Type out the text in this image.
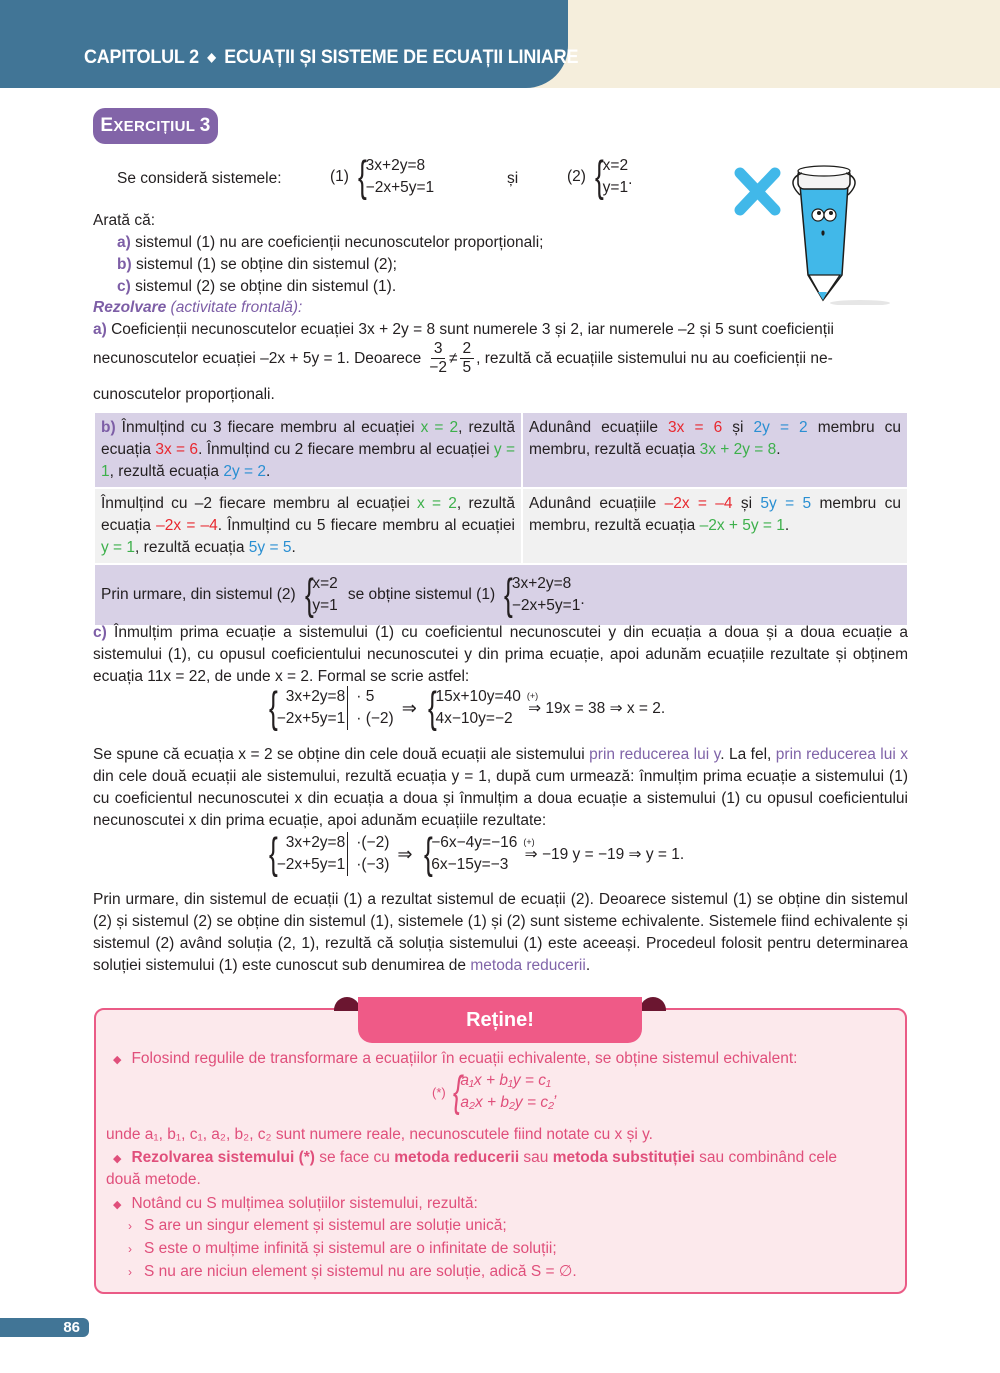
CAPITOLUL 2 ◆ ECUAȚII ȘI SISTEME DE ECUAȚII LINIARE
E XERCIȚIUL
3
Se consideră sistemele:	(1) {
3x+2y=8
−2x+5y=1
și	(2) {
x=2
y=1 .
Arată că:
a) sistemul (1) nu are coeficienții necunoscutelor proporționali;
b) sistemul (1) se obține din sistemul (2);
c) sistemul (2) se obține din sistemul (1).
Rezolvare (activitate frontală):
a) Coeficienții necunoscutelor ecuației 3x + 2y = 8 sunt numerele 3 și 2, iar numerele –2 și 5 sunt coeficienții
necunoscutelor ecuației –2x + 5y = 1. Deoarece $\frac{3}{-2} \ne \frac{2}{5}$ , rezultă că ecuațiile sistemului nu au coeficienții ne-
cunoscutelor proporționali.
b) Înmulțind cu 3 fiecare membru al ecuației x = 2, rezultă ecuația 3x = 6. Înmulțind cu 2 fiecare membru al ecuației y = 1, rezultă ecuația 2y = 2.
Adunând ecuațiile 3x = 6 și 2y = 2 membru cu membru, rezultă ecuația 3x + 2y = 8.
Înmulțind cu –2 fiecare membru al ecuației x = 2, rezultă ecuația –2x = –4. Înmulțind cu 5 fiecare membru al ecuației y = 1, rezultă ecuația 5y = 5.
Adunând ecuațiile –2x = –4 și 5y = 5 membru cu membru, rezultă ecuația –2x + 5y = 1.
Prin urmare, din sistemul (2) {
x=2
y=1
se obține sistemul (1) {
3x+2y=8
−2x+5y=1 .
c) Înmulțim prima ecuație a sistemului (1) cu coeficientul necunoscutei y din ecuația a doua și a doua ecuație a sistemului (1), cu opusul coeficientului necunoscutei y din prima ecuație, apoi adunăm ecuațiile rezultate și obținem ecuația 11x = 22, de unde x = 2. Formal se scrie astfel:
{ 3x+2y=8
−2x+5y=1
· 5
· (−2)
⇒ {
15x+10y=40
4x−10y=−2
(+)
⇒ 19x = 38 ⇒ x = 2.
Se spune că ecuația x = 2 se obține din cele două ecuații ale sistemului prin reducerea lui y. La fel, prin reducerea lui x din cele două ecuații ale sistemului, rezultă ecuația y = 1, după cum urmează: înmulțim prima ecuație a sistemului (1) cu coeficientul necunoscutei x din ecuația a doua și înmulțim a doua ecuație a sistemului (1) cu opusul coeficientului necunoscutei x din prima ecuație, apoi adunăm ecuațiile rezultate:
{ 3x+2y=8
−2x+5y=1
·(−2)
·(−3)
⇒ {
−6x−4y=−16
6x−15y=−3
(+)
⇒ −19 y = −19 ⇒ y = 1.
Prin urmare, din sistemul de ecuații (1) a rezultat sistemul de ecuații (2). Deoarece sistemul (1) se obține din sistemul (2) și sistemul (2) se obține din sistemul (1), sistemele (1) și (2) sunt sisteme echivalente. Sistemele fiind echivalente și sistemul (2) având soluția (2, 1), rezultă că soluția sistemului (1) este aceeași. Procedeul folosit pentru determinarea soluției sistemului (1) este cunoscut sub denumirea de metoda reducerii.
Reține!
◆ Folosind regulile de transformare a ecuațiilor în ecuații echivalente, se obține sistemul echivalent:
(*) {
a₁x + b₁y = c₁
a₂x + b₂y = c₂
,
unde a₁, b₁, c₁, a₂, b₂, c₂ sunt numere reale, necunoscutele fiind notate cu x și y.
◆ Rezolvarea sistemului (*) se face cu metoda reducerii sau metoda substituției sau combinând cele
două metode.
◆ Notând cu S mulțimea soluțiilor sistemului, rezultă:
› S are un singur element și sistemul are soluție unică;
› S este o mulțime infinită și sistemul are o infinitate de soluții;
› S nu are niciun element și sistemul nu are soluție, adică S = ∅.
86
